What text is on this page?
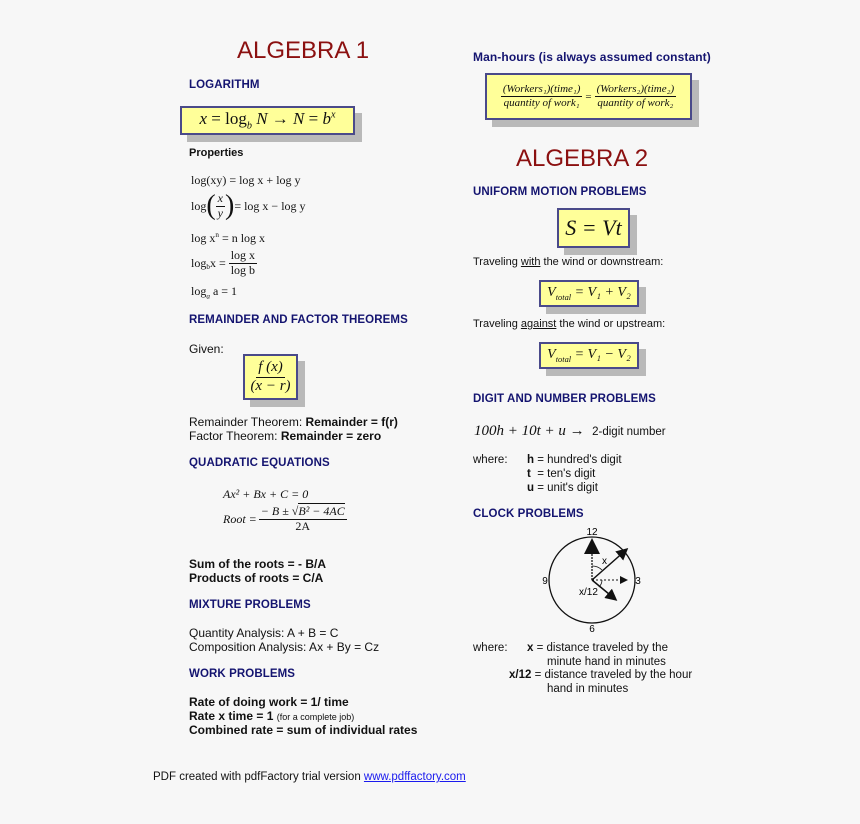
ALGEBRA 1
LOGARITHM
$x = \log_b N \to N = b^x$
Properties
log(xy) = log x + log y
log ( $\frac{x}{y}$ ) = log x − log y
$\log x^n = n$ log x
$\log_b x = \frac{\text{log x}}{\text{log b}}$
$\log_a a = 1$
REMAINDER AND FACTOR THEOREMS
Given:
$\frac{f (x)}{(x - r)}$
Remainder Theorem: Remainder = f(r)
Factor Theorem: Remainder = zero
QUADRATIC EQUATIONS
Ax² + Bx + C = 0
Root = $\frac{\text{− B ± √B² − 4AC}}{2A}$
Sum of the roots = - B/A
Products of roots = C/A
MIXTURE PROBLEMS
Quantity Analysis: A + B = C
Composition Analysis: Ax + By = Cz
WORK PROBLEMS
Rate of doing work = 1/ time
Rate x time = 1 (for a complete job)
Combined rate = sum of individual rates
Man-hours (is always assumed constant)
$\frac{\text{(Workers₁)(time₁)}}{\text{quantity of work₁}} = \frac{\text{(Workers₂)(time₂)}}{\text{quantity of work₂}}$
ALGEBRA 2
UNIFORM MOTION PROBLEMS
S = Vt
Traveling with the wind or downstream:
$V_{total} = V_1 + V_2$
Traveling against the wind or upstream:
$V_{total} = V_1 - V_2$
DIGIT AND NUMBER PROBLEMS
100h + 10t + u → 2-digit number
where: h = hundred's digit
t  = ten's digit
u = unit's digit
CLOCK PROBLEMS
12
3
6
9
x
x/12
where: x = distance traveled by the
minute hand in minutes
x/12 = distance traveled by the hour
hand in minutes
PDF created with pdfFactory trial version www.pdffactory.com
